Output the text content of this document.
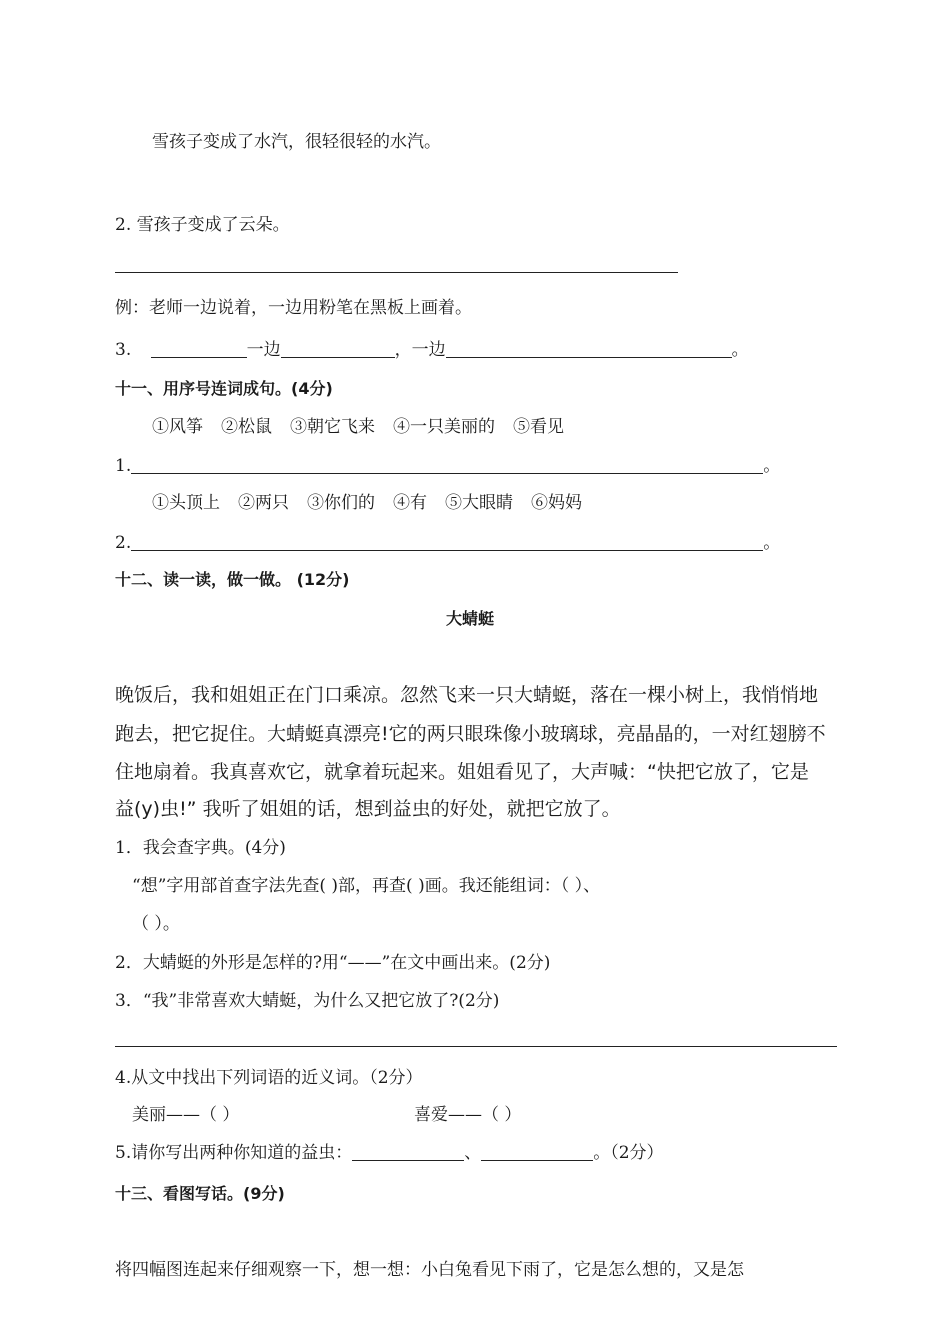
雪孩子变成了水汽，很轻很轻的水汽。
2. 雪孩子变成了云朵。
例：老师一边说着，一边用粉笔在黑板上画着。
3.	一边	，一边	。
十一、用序号连词成句。(4分)
①风筝 ②松鼠 ③朝它飞来 ④一只美丽的 ⑤看见
1.	。
①头顶上 ②两只 ③你们的 ④有 ⑤大眼睛 ⑥妈妈
2.	。
十二、读一读，做一做。 (12分)
大蜻蜓
晚饭后，我和姐姐正在门口乘凉。忽然飞来一只大蜻蜓，落在一棵小树上，我悄悄地
跑去，把它捉住。大蜻蜓真漂亮!它的两只眼珠像小玻璃球，亮晶晶的，一对红翅膀不
住地扇着。我真喜欢它，就拿着玩起来。姐姐看见了，大声喊：“快把它放了，它是
益(y)虫!” 我听了姐姐的话，想到益虫的好处，就把它放了。
1．我会查字典。(4分)
“想”字用部首查字法先查( )部，再查( )画。我还能组词：（ ）、
（ ）。
2．大蜻蜓的外形是怎样的?用“——”在文中画出来。(2分)
3．“我”非常喜欢大蜻蜓，为什么又把它放了?(2分)
4.从文中找出下列词语的近义词。（2分）
美丽——（ ）	喜爱——（ ）
5.请你写出两种你知道的益虫：	、	。（2分）
十三、看图写话。(9分)
将四幅图连起来仔细观察一下，想一想：小白兔看见下雨了，它是怎么想的，又是怎
